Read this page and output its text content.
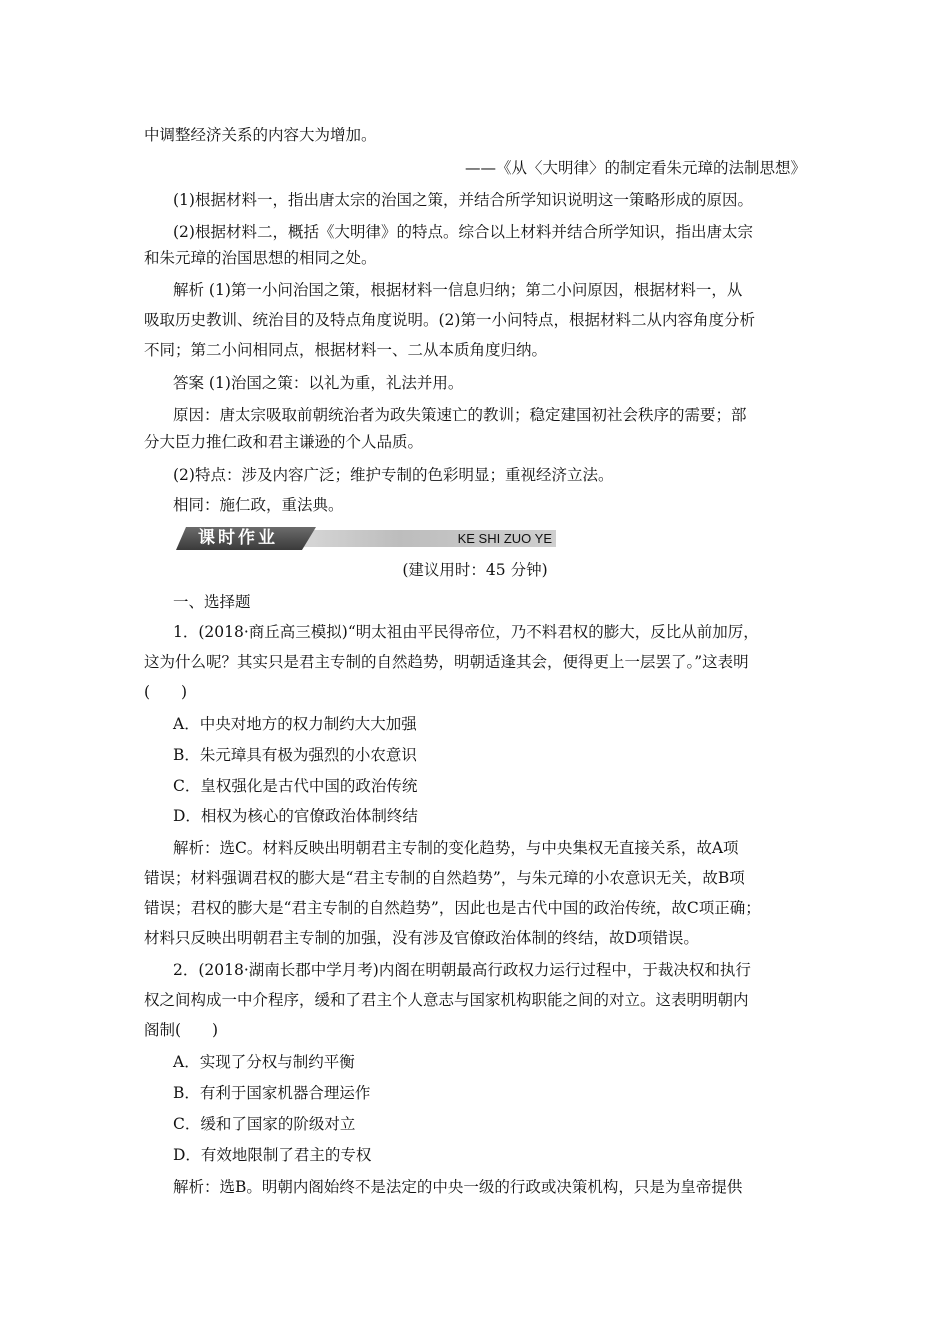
中调整经济关系的内容大为增加。
——《从〈大明律〉的制定看朱元璋的法制思想》
(1)根据材料一，指出唐太宗的治国之策，并结合所学知识说明这一策略形成的原因。
(2)根据材料二，概括《大明律》的特点。综合以上材料并结合所学知识，指出唐太宗
和朱元璋的治国思想的相同之处。
解析 (1)第一小问治国之策，根据材料一信息归纳；第二小问原因，根据材料一，从
吸取历史教训、统治目的及特点角度说明。(2)第一小问特点，根据材料二从内容角度分析
不同；第二小问相同点，根据材料一、二从本质角度归纳。
答案 (1)治国之策：以礼为重，礼法并用。
原因：唐太宗吸取前朝统治者为政失策速亡的教训；稳定建国初社会秩序的需要；部
分大臣力推仁政和君主谦逊的个人品质。
(2)特点：涉及内容广泛；维护专制的色彩明显；重视经济立法。
相同：施仁政，重法典。
课时作业	KE SHI ZUO YE
(建议用时：45 分钟)
一、选择题
1．(2018·商丘高三模拟)“明太祖由平民得帝位，乃不料君权的膨大，反比从前加厉，
这为什么呢？其实只是君主专制的自然趋势，明朝适逢其会，便得更上一层罢了。”这表明
(　　)
A．中央对地方的权力制约大大加强
B．朱元璋具有极为强烈的小农意识
C．皇权强化是古代中国的政治传统
D．相权为核心的官僚政治体制终结
解析：选C。材料反映出明朝君主专制的变化趋势，与中央集权无直接关系，故A项
错误；材料强调君权的膨大是“君主专制的自然趋势”，与朱元璋的小农意识无关，故B项
错误；君权的膨大是“君主专制的自然趋势”，因此也是古代中国的政治传统，故C项正确；
材料只反映出明朝君主专制的加强，没有涉及官僚政治体制的终结，故D项错误。
2．(2018·湖南长郡中学月考)内阁在明朝最高行政权力运行过程中，于裁决权和执行
权之间构成一中介程序，缓和了君主个人意志与国家机构职能之间的对立。这表明明朝内
阁制(　　)
A．实现了分权与制约平衡
B．有利于国家机器合理运作
C．缓和了国家的阶级对立
D．有效地限制了君主的专权
解析：选B。明朝内阁始终不是法定的中央一级的行政或决策机构，只是为皇帝提供
